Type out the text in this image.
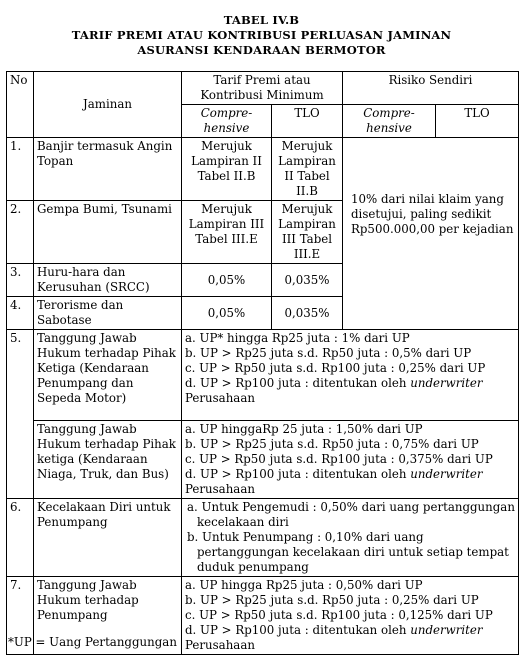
TABEL IV.B
TARIF PREMI ATAU KONTRIBUSI PERLUASAN JAMINAN
ASURANSI KENDARAAN BERMOTOR
No	Jaminan	Tarif Premi atau Kontribusi Minimum		Risiko Sendiri	
		Compre-hensive	TLO	Compre-hensive	TLO
1.	Banjir termasuk Angin Topan	Merujuk Lampiran II Tabel II.B	Merujuk Lampiran II Tabel II.B	10% dari nilai klaim yang disetujui, paling sedikit Rp500.000,00 per kejadian	
2.	Gempa Bumi, Tsunami	Merujuk Lampiran III Tabel III.E	Merujuk Lampiran III Tabel III.E		
3.	Huru-hara dan Kerusuhan (SRCC)	0,05%	0,035%		
4.	Terorisme dan Sabotase	0,05%	0,035%		
5.	Tanggung Jawab Hukum terhadap Pihak Ketiga (Kendaraan Penumpang dan Sepeda Motor)	a. UP* hingga Rp25 juta : 1% dari UP
b. UP > Rp25 juta s.d. Rp50 juta : 0,5% dari UP
c. UP > Rp50 juta s.d. Rp100 juta : 0,25% dari UP
d. UP > Rp100 juta : ditentukan oleh underwriter Perusahaan			

	Tanggung Jawab Hukum terhadap Pihak ketiga (Kendaraan Niaga, Truk, dan Bus)	a. UP hinggaRp 25 juta : 1,50% dari UP
b. UP > Rp25 juta s.d. Rp50 juta : 0,75% dari UP
c. UP > Rp50 juta s.d. Rp100 juta : 0,375% dari UP
d. UP > Rp100 juta : ditentukan oleh underwriter Perusahaan			

6.	Kecelakaan Diri untuk Penumpang	a. Untuk Pengemudi : 0,50% dari uang pertanggungan kecelakaan diri
b. Untuk Penumpang : 0,10% dari uang pertanggungan kecelakaan diri untuk setiap tempat duduk penumpang			

7.	Tanggung Jawab Hukum terhadap Penumpang	a. UP hingga Rp25 juta : 0,50% dari UP
b. UP > Rp25 juta s.d. Rp50 juta : 0,25% dari UP
c. UP > Rp50 juta s.d. Rp100 juta : 0,125% dari UP
d. UP > Rp100 juta : ditentukan oleh underwriter Perusahaan			
*UP = Uang Pertanggungan
